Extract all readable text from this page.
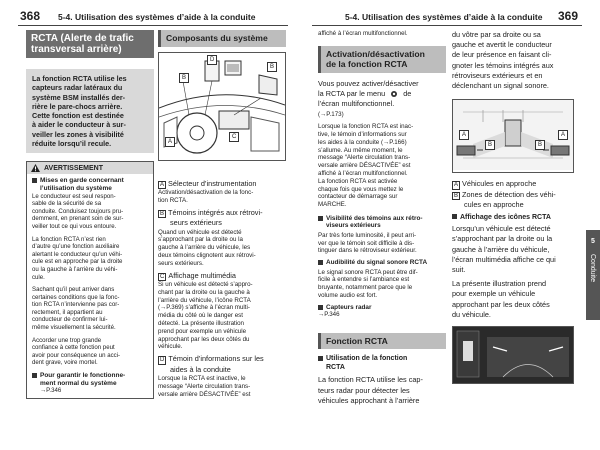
368 5-4. Utilisation des systèmes d’aide à la conduite	5-4. Utilisation des systèmes d’aide à la conduite 369
RCTA (Alerte de trafic
transversal arrière)
La fonction RCTA utilise les
capteurs radar latéraux du
système BSM installés der-
rière le pare-chocs arrière.
Cette fonction est destinée
à aider le conducteur à sur-
veiller les zones à visibilité
réduite lorsqu’il recule.
AVERTISSEMENT
Mises en garde concernant
l’utilisation du système

Le conducteur est seul respon-
sable de la sécurité de sa
conduite. Conduisez toujours pru-
demment, en prenant soin de sur-
veiller tout ce qui vous entoure.

La fonction RCTA n’est rien
d’autre qu’une fonction auxiliaire
alertant le conducteur qu’un véhi-
cule est en approche par la droite
ou la gauche à l’arrière du véhi-
cule.

Sachant qu’il peut arriver dans
certaines conditions que la fonc-
tion RCTA n’intervienne pas cor-
rectement, il appartient au
conducteur de confirmer lui-
même visuellement la sécurité.

Accorder une trop grande
confiance à cette fonction peut
avoir pour conséquence un acci-
dent grave, voire mortel.

Pour garantir le fonctionne-
ment normal du système
→P.346
Composants du système
B
D
B
A
C
A Sélecteur d’instrumentation
Activation/désactivation de la fonc-
tion RCTA.
B Témoins intégrés aux rétrovi-
seurs extérieurs
Quand un véhicule est détecté
s’approchant par la droite ou la
gauche à l’arrière du véhicule, les
deux témoins clignotent aux rétrovi-
seurs extérieurs.
C Affichage multimédia
Si un véhicule est détecté s’appro-
chant par la droite ou la gauche à
l’arrière du véhicule, l’icône RCTA
(→P.369) s’affiche à l’écran multi-
média du côté où le danger est
détecté. La présente illustration
prend pour exemple un véhicule
approchant par les deux côtés du
véhicule.
D Témoin d’informations sur les
aides à la conduite
Lorsque la RCTA est inactive, le
message “Alerte circulation trans-
versale arrière DÉSACTIVÉE” est
affiché à l’écran multifonctionnel.
Activation/désactivation
de la fonction RCTA
Vous pouvez activer/désactiver
la RCTA par le menu de
l’écran multifonctionnel.
(→P.173)
Lorsque la fonction RCTA est inac-
tive, le témoin d’informations sur
les aides à la conduite (→P.166)
s’allume. Au même moment, le
message “Alerte circulation trans-
versale arrière DÉSACTIVÉE” est
affiché à l’écran multifonctionnel.
La fonction RCTA est activée
chaque fois que vous mettez le
contacteur de démarrage sur
MARCHE.
Visibilité des témoins aux rétro-
viseurs extérieurs
Par très forte luminosité, il peut arri-
ver que le témoin soit difficile à dis-
tinguer dans le rétroviseur extérieur.
Audibilité du signal sonore RCTA
Le signal sonore RCTA peut être dif-
ficile à entendre si l’ambiance est
bruyante, notamment parce que le
volume audio est fort.
Capteurs radar
→P.346
Fonction RCTA
Utilisation de la fonction
RCTA
La fonction RCTA utilise les cap-
teurs radar pour détecter les
véhicules approchant à l’arrière
du vôtre par sa droite ou sa
gauche et avertit le conducteur
de leur présence en faisant cli-
gnoter les témoins intégrés aux
rétroviseurs extérieurs et en
déclenchant un signal sonore.
A	A
B	B
A Véhicules en approche
B Zones de détection des véhi-
cules en approche
Affichage des icônes RCTA
Lorsqu’un véhicule est détecté
s’approchant par la droite ou la
gauche à l’arrière du véhicule,
l’écran multimédia affiche ce qui
suit.
La présente illustration prend
pour exemple un véhicule
approchant par les deux côtés
du véhicule.
5
Conduite
